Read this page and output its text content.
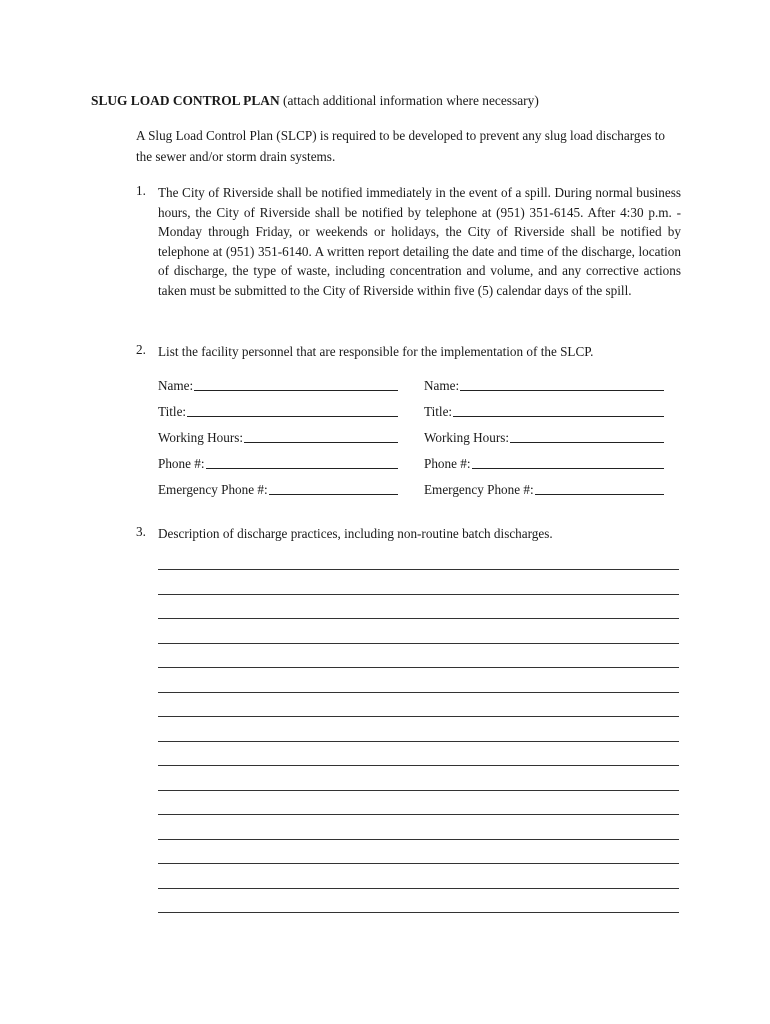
SLUG LOAD CONTROL PLAN (attach additional information where necessary)
A Slug Load Control Plan (SLCP) is required to be developed to prevent any slug load discharges to the sewer and/or storm drain systems.
1. The City of Riverside shall be notified immediately in the event of a spill. During normal business hours, the City of Riverside shall be notified by telephone at (951) 351-6145. After 4:30 p.m. - Monday through Friday, or weekends or holidays, the City of Riverside shall be notified by telephone at (951) 351-6140. A written report detailing the date and time of the discharge, location of discharge, the type of waste, including concentration and volume, and any corrective actions taken must be submitted to the City of Riverside within five (5) calendar days of the spill.
2. List the facility personnel that are responsible for the implementation of the SLCP.
Name:
Title:
Working Hours:
Phone #:
Emergency Phone #:
Name:
Title:
Working Hours:
Phone #:
Emergency Phone #:
3. Description of discharge practices, including non-routine batch discharges.
